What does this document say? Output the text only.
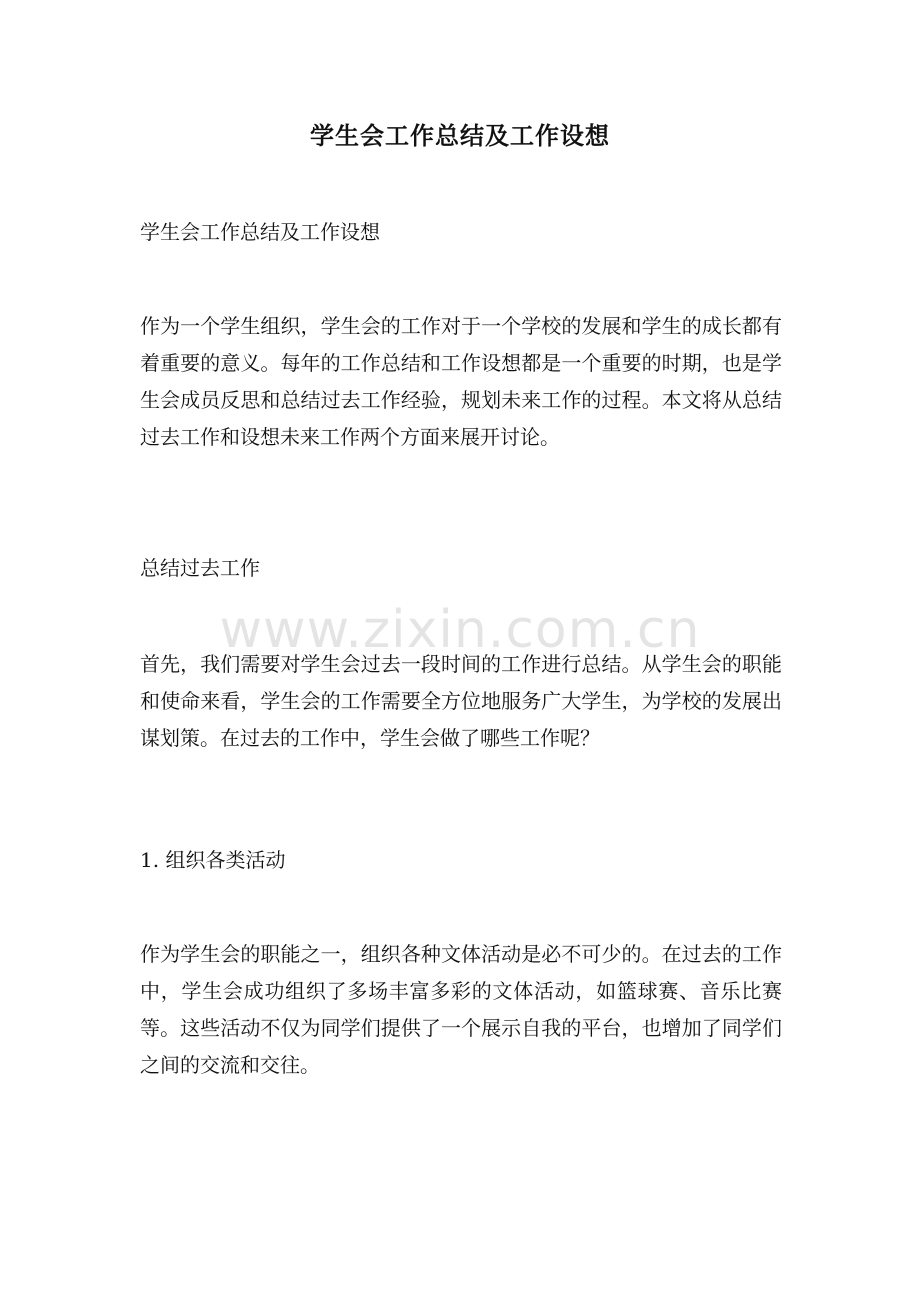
学生会工作总结及工作设想

学生会工作总结及工作设想

作为一个学生组织，学生会的工作对于一个学校的发展和学生的成长都有着重要的意义。每年的工作总结和工作设想都是一个重要的时期，也是学生会成员反思和总结过去工作经验，规划未来工作的过程。本文将从总结过去工作和设想未来工作两个方面来展开讨论。

总结过去工作

首先，我们需要对学生会过去一段时间的工作进行总结。从学生会的职能和使命来看，学生会的工作需要全方位地服务广大学生，为学校的发展出谋划策。在过去的工作中，学生会做了哪些工作呢？

1. 组织各类活动

作为学生会的职能之一，组织各种文体活动是必不可少的。在过去的工作中，学生会成功组织了多场丰富多彩的文体活动，如篮球赛、音乐比赛等。这些活动不仅为同学们提供了一个展示自我的平台，也增加了同学们之间的交流和交往。

www.zixin.com.cn
